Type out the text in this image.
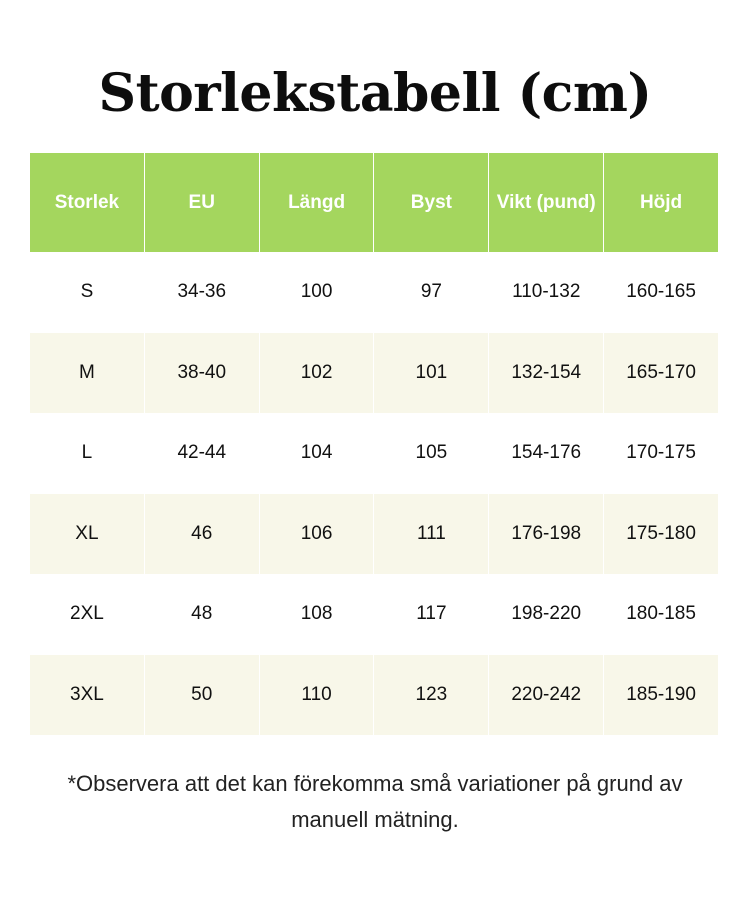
Storlekstabell (cm)
Storlek	EU	Längd	Byst	Vikt (pund)	Höjd
S	34-36	100	97	110-132	160-165
M	38-40	102	101	132-154	165-170
L	42-44	104	105	154-176	170-175
XL	46	106	111	176-198	175-180
2XL	48	108	117	198-220	180-185
3XL	50	110	123	220-242	185-190
*Observera att det kan förekomma små variationer på grund av manuell mätning.
